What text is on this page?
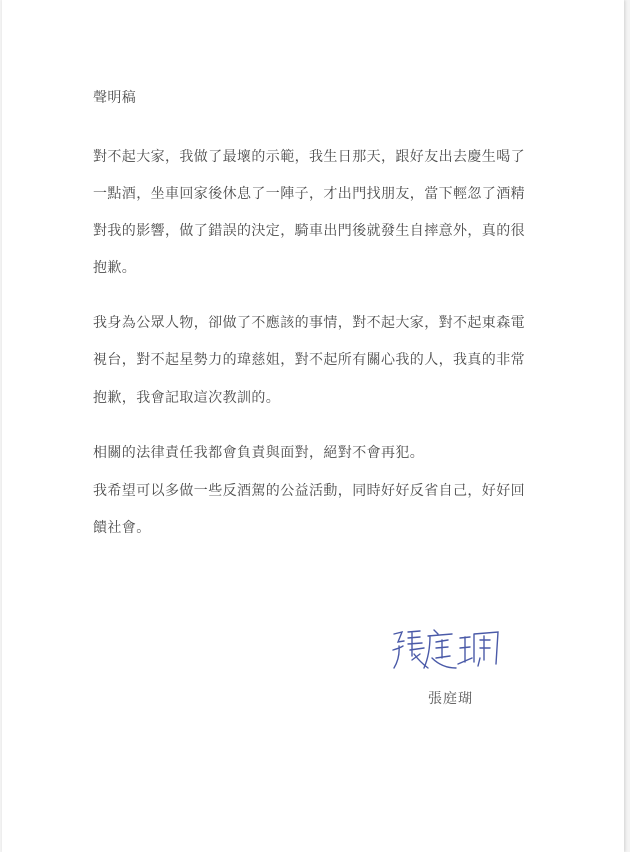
聲明稿
對不起大家，我做了最壞的示範，我生日那天，跟好友出去慶生喝了
一點酒，坐車回家後休息了一陣子，才出門找朋友，當下輕忽了酒精
對我的影響，做了錯誤的決定，騎車出門後就發生自摔意外，真的很
抱歉。
我身為公眾人物，卻做了不應該的事情，對不起大家，對不起東森電
視台，對不起星勢力的瑋慈姐，對不起所有關心我的人，我真的非常
抱歉，我會記取這次教訓的。
相關的法律責任我都會負責與面對，絕對不會再犯。
我希望可以多做一些反酒駕的公益活動，同時好好反省自己，好好回
饋社會。
張庭瑚
